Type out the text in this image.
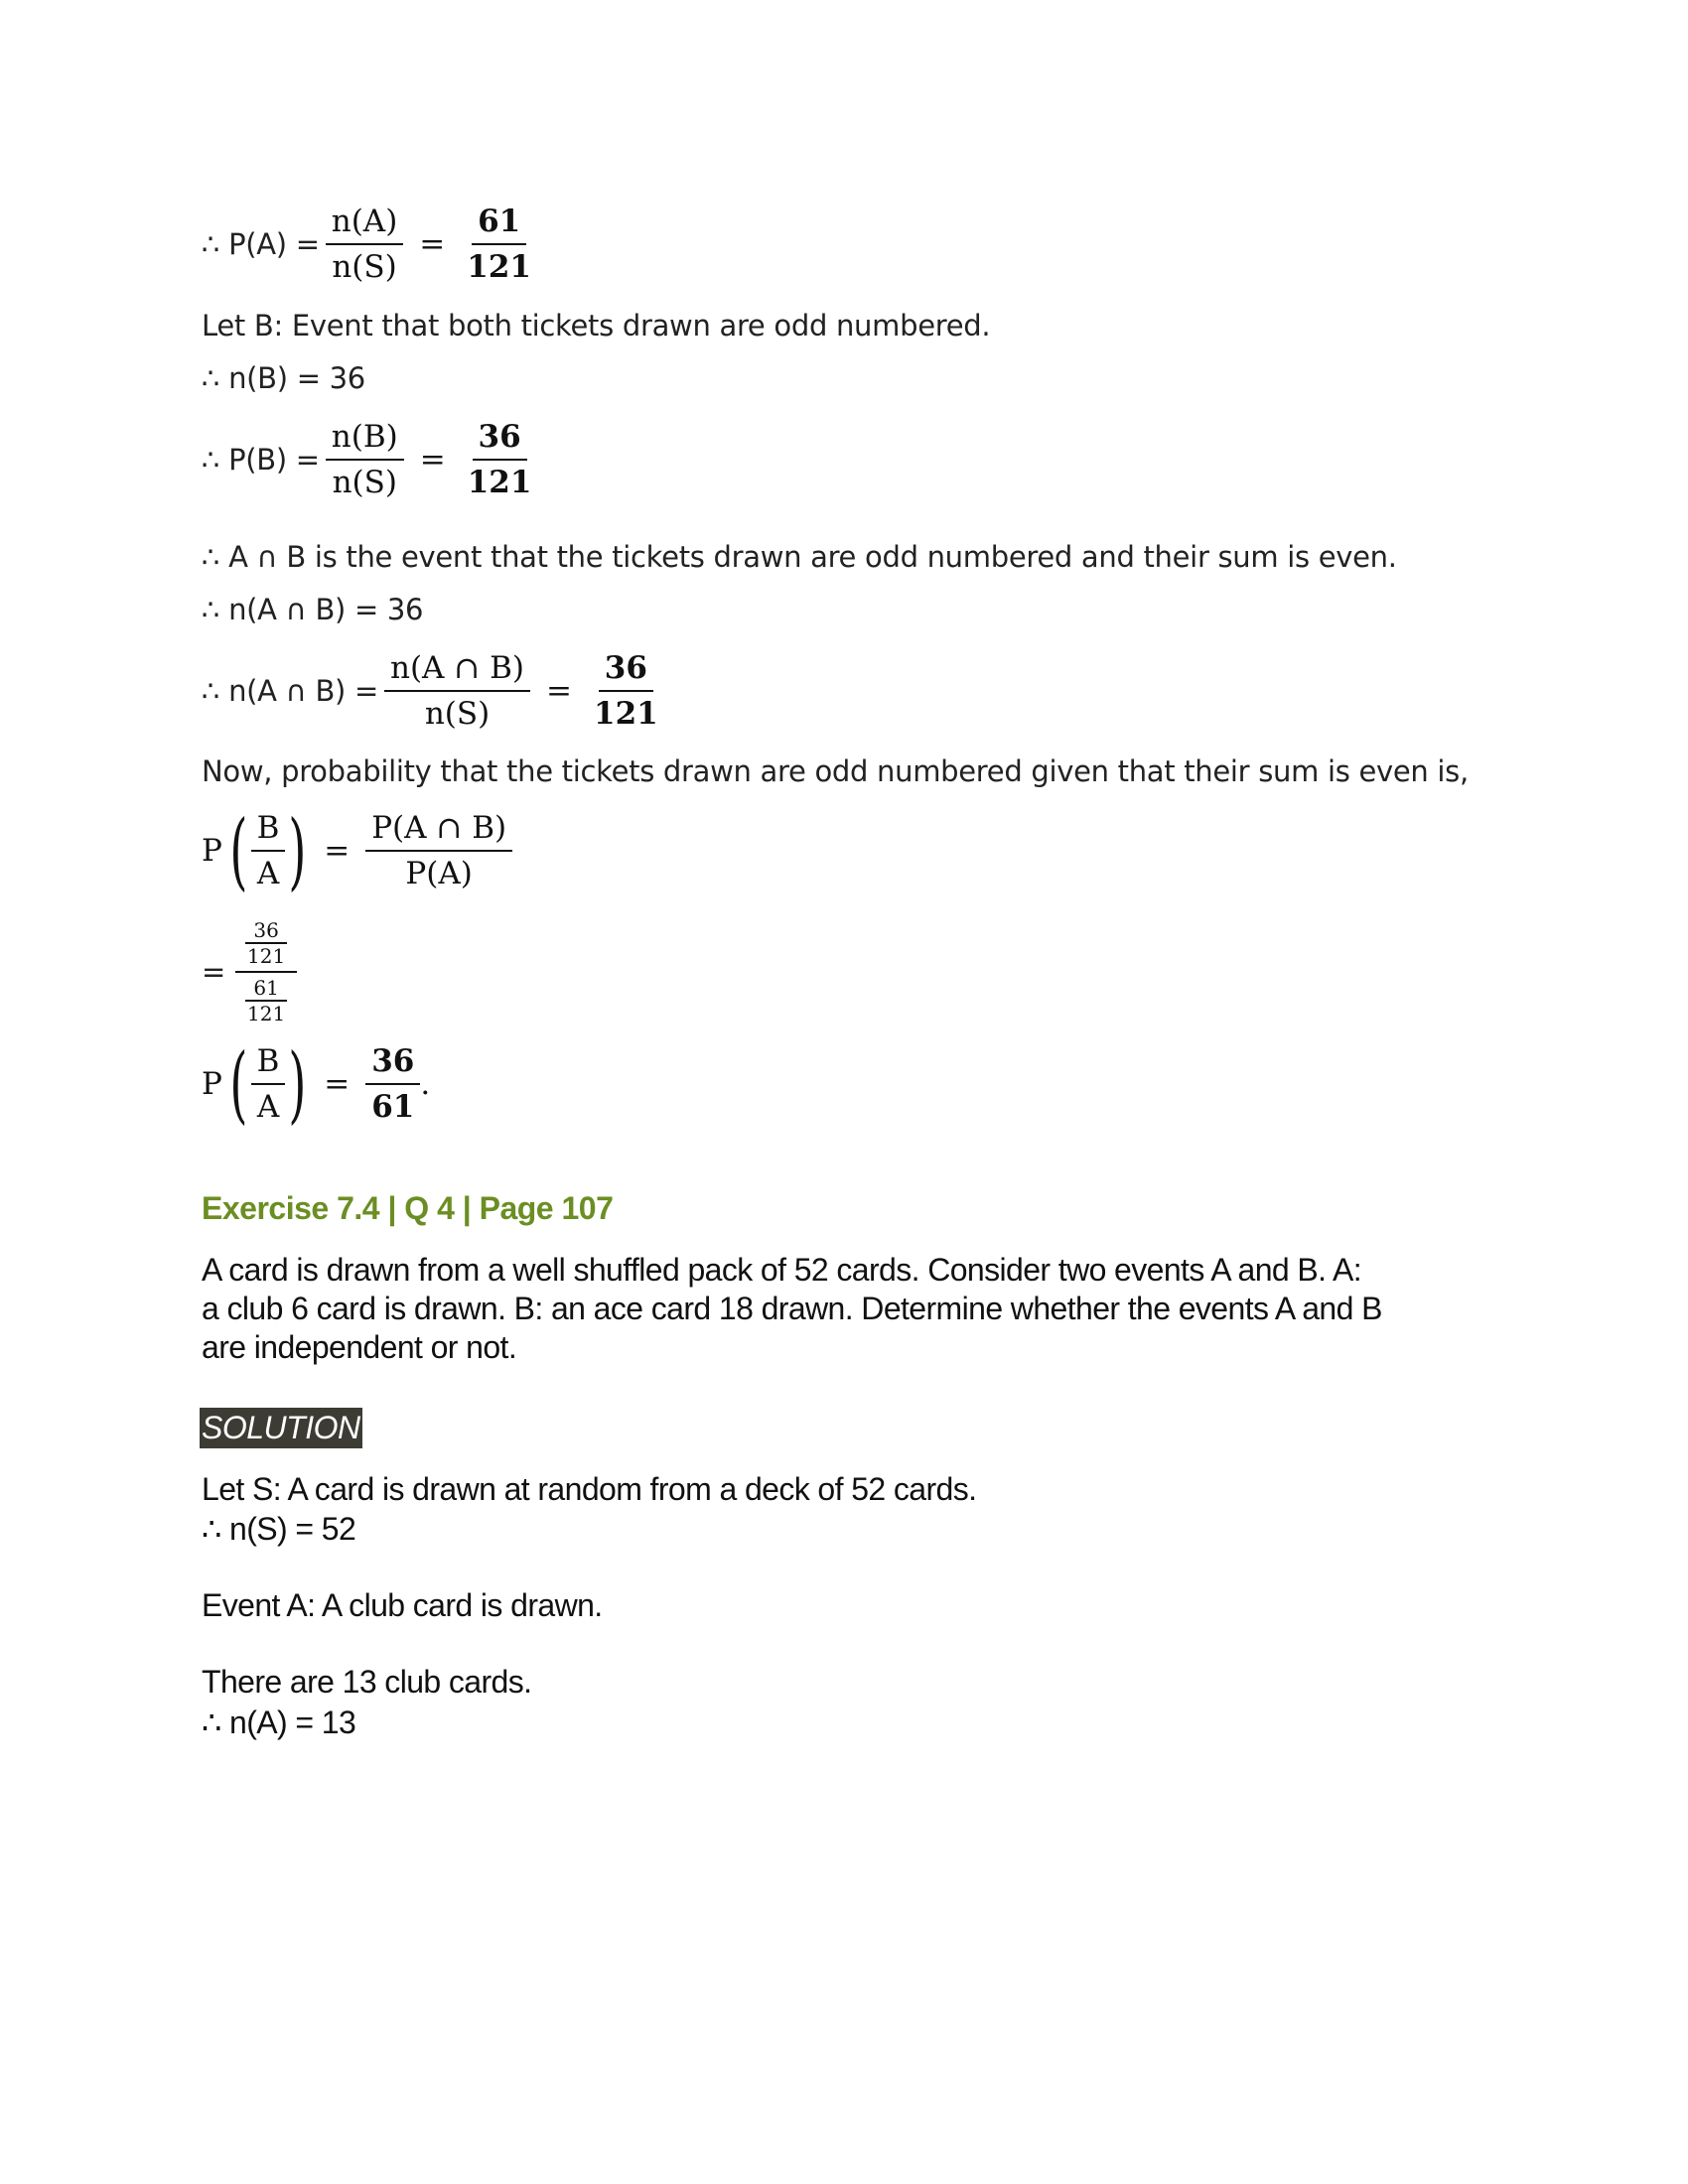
∴ $P(A) = \frac{n(A)}{n(S)} = \frac{61}{121}$
Let B: Event that both tickets drawn are odd numbered.
∴ n(B) = 36
∴ $P(B) = \frac{n(B)}{n(S)} = \frac{36}{121}$
∴ A ∩ B is the event that the tickets drawn are odd numbered and their sum is even.
∴ n(A ∩ B) = 36
∴ n(A ∩ $B) = \frac{n(A \cap B)}{n(S)} = \frac{36}{121}$
Now, probability that the tickets drawn are odd numbered given that their sum is even is,
P ( $\frac{B}{A}$ ) = $\frac{P(A \cap B)}{P(A)}$
= $\frac{\frac{36}{121}}{\frac{61}{121}}$
P ( $\frac{B}{A}$ ) = $\frac{36}{61}$ .
Exercise 7.4 | Q 4 | Page 107
A card is drawn from a well shuffled pack of 52 cards. Consider two events A and B. A:
a club 6 card is drawn. B: an ace card 18 drawn. Determine whether the events A and B
are independent or not.
SOLUTION
Let S: A card is drawn at random from a deck of 52 cards.
∴ n(S) = 52
Event A: A club card is drawn.
There are 13 club cards.
∴ n(A) = 13
